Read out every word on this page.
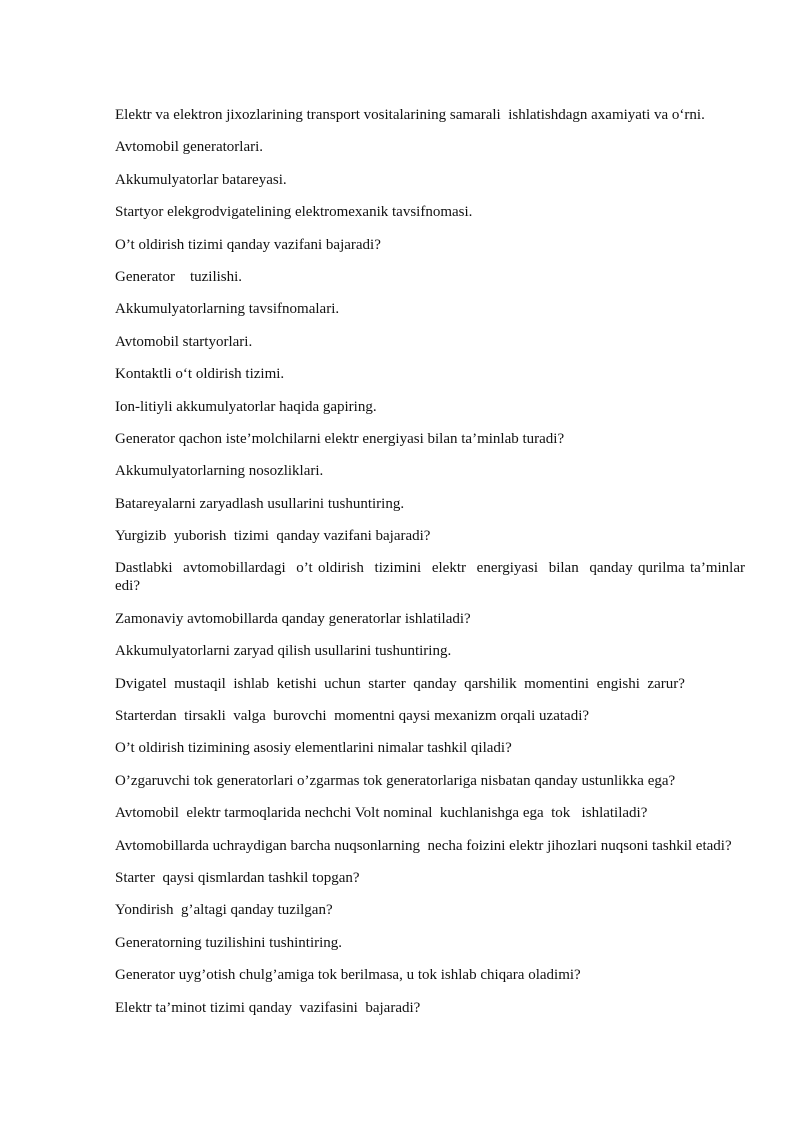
Elektr va elektron jixozlarining transport vositalarining samarali  ishlatishdagn axamiyati va o‘rni.

Avtomobil generatorlari.

Akkumulyatorlar batareyasi.

Startyor elekgrodvigatelining elektromexanik tavsifnomasi.

O’t oldirish tizimi qanday vazifani bajaradi?

Generator    tuzilishi.

Akkumulyatorlarning tavsifnomalari.

Avtomobil startyorlari.

Kontaktli o‘t oldirish tizimi.

Ion-litiyli akkumulyatorlar haqida gapiring.

Generator qachon iste’molchilarni elektr energiyasi bilan ta’minlab turadi?

Akkumulyatorlarning nosozliklari.

Batareyalarni zaryadlash usullarini tushuntiring.

Yurgizib  yuborish  tizimi  qanday vazifani bajaradi?

Dastlabki  avtomobillardagi  o’t oldirish  tizimini  elektr  energiyasi  bilan  qanday qurilma ta’minlar  edi?

Zamonaviy avtomobillarda qanday generatorlar ishlatiladi?

Akkumulyatorlarni zaryad qilish usullarini tushuntiring.

Dvigatel  mustaqil  ishlab  ketishi  uchun  starter  qanday  qarshilik  momentini  engishi  zarur?

Starterdan  tirsakli  valga  burovchi  momentni qaysi mexanizm orqali uzatadi?

O’t oldirish tizimining asosiy elementlarini nimalar tashkil qiladi?

O’zgaruvchi tok generatorlari o’zgarmas tok generatorlariga nisbatan qanday ustunlikka ega?

Avtomobil  elektr tarmoqlarida nechchi Volt nominal  kuchlanishga ega  tok   ishlatiladi?

Avtomobillarda uchraydigan barcha nuqsonlarning  necha foizini elektr jihozlari nuqsoni tashkil etadi?

Starter  qaysi qismlardan tashkil topgan?

Yondirish  g’altagi qanday tuzilgan?

Generatorning tuzilishini tushintiring.

Generator uyg’otish chulg’amiga tok berilmasa, u tok ishlab chiqara oladimi?

Elektr ta’minot tizimi qanday  vazifasini  bajaradi?
